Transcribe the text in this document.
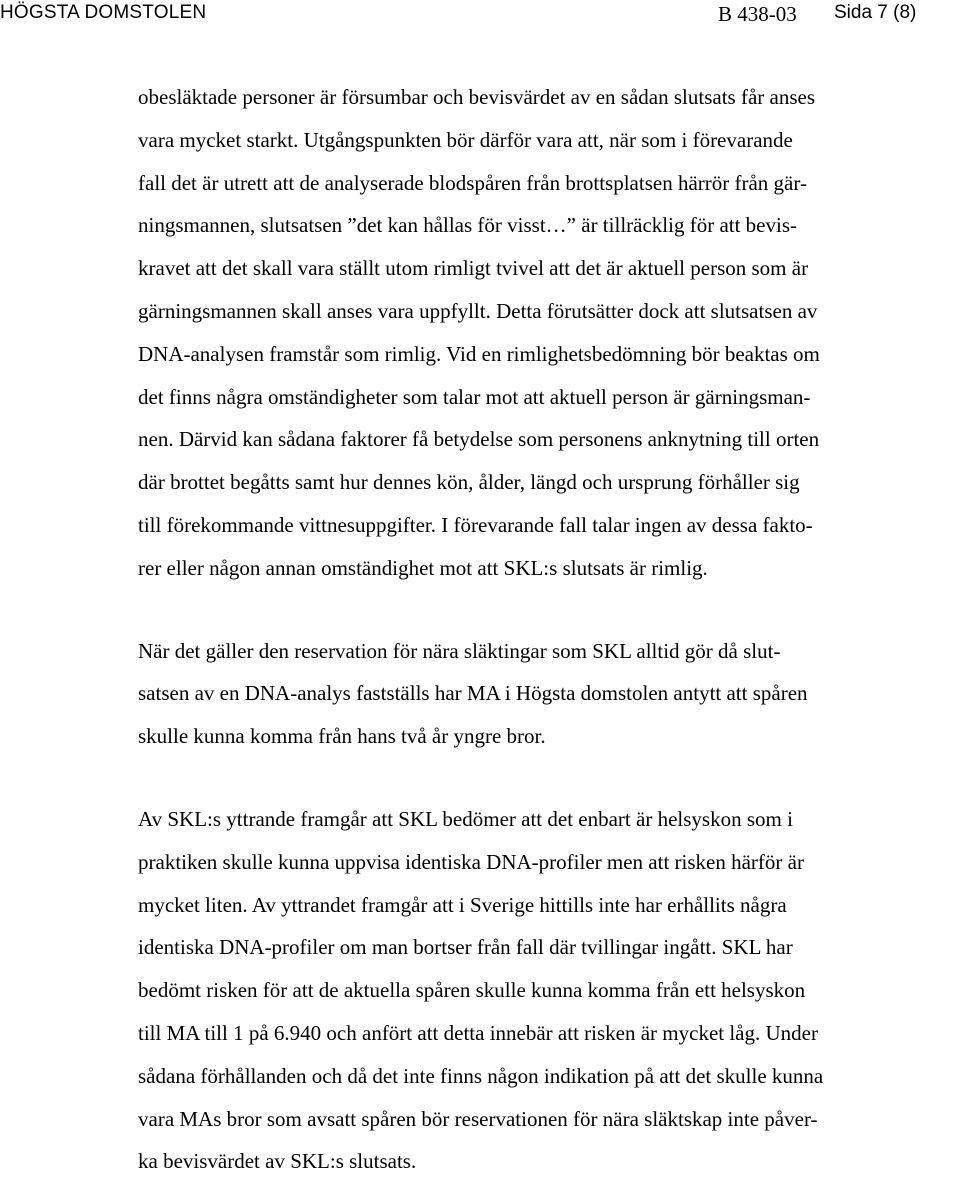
HÖGSTA DOMSTOLEN	B 438-03 Sida 7 (8)

obesläktade personer är försumbar och bevisvärdet av en sådan slutsats får anses
vara mycket starkt. Utgångspunkten bör därför vara att, när som i förevarande
fall det är utrett att de analyserade blodspåren från brottsplatsen härrör från gär-
ningsmannen, slutsatsen ”det kan hållas för visst…” är tillräcklig för att bevis-
kravet att det skall vara ställt utom rimligt tvivel att det är aktuell person som är
gärningsmannen skall anses vara uppfyllt. Detta förutsätter dock att slutsatsen av
DNA-analysen framstår som rimlig. Vid en rimlighetsbedömning bör beaktas om
det finns några omständigheter som talar mot att aktuell person är gärningsman-
nen. Därvid kan sådana faktorer få betydelse som personens anknytning till orten
där brottet begåtts samt hur dennes kön, ålder, längd och ursprung förhåller sig
till förekommande vittnesuppgifter. I förevarande fall talar ingen av dessa fakto-
rer eller någon annan omständighet mot att SKL:s slutsats är rimlig.

När det gäller den reservation för nära släktingar som SKL alltid gör då slut-
satsen av en DNA-analys fastställs har MA i Högsta domstolen antytt att spåren
skulle kunna komma från hans två år yngre bror.

Av SKL:s yttrande framgår att SKL bedömer att det enbart är helsyskon som i
praktiken skulle kunna uppvisa identiska DNA-profiler men att risken härför är
mycket liten. Av yttrandet framgår att i Sverige hittills inte har erhållits några
identiska DNA-profiler om man bortser från fall där tvillingar ingått. SKL har
bedömt risken för att de aktuella spåren skulle kunna komma från ett helsyskon
till MA till 1 på 6.940 och anfört att detta innebär att risken är mycket låg. Under
sådana förhållanden och då det inte finns någon indikation på att det skulle kunna
vara MAs bror som avsatt spåren bör reservationen för nära släktskap inte påver-
ka bevisvärdet av SKL:s slutsats.
